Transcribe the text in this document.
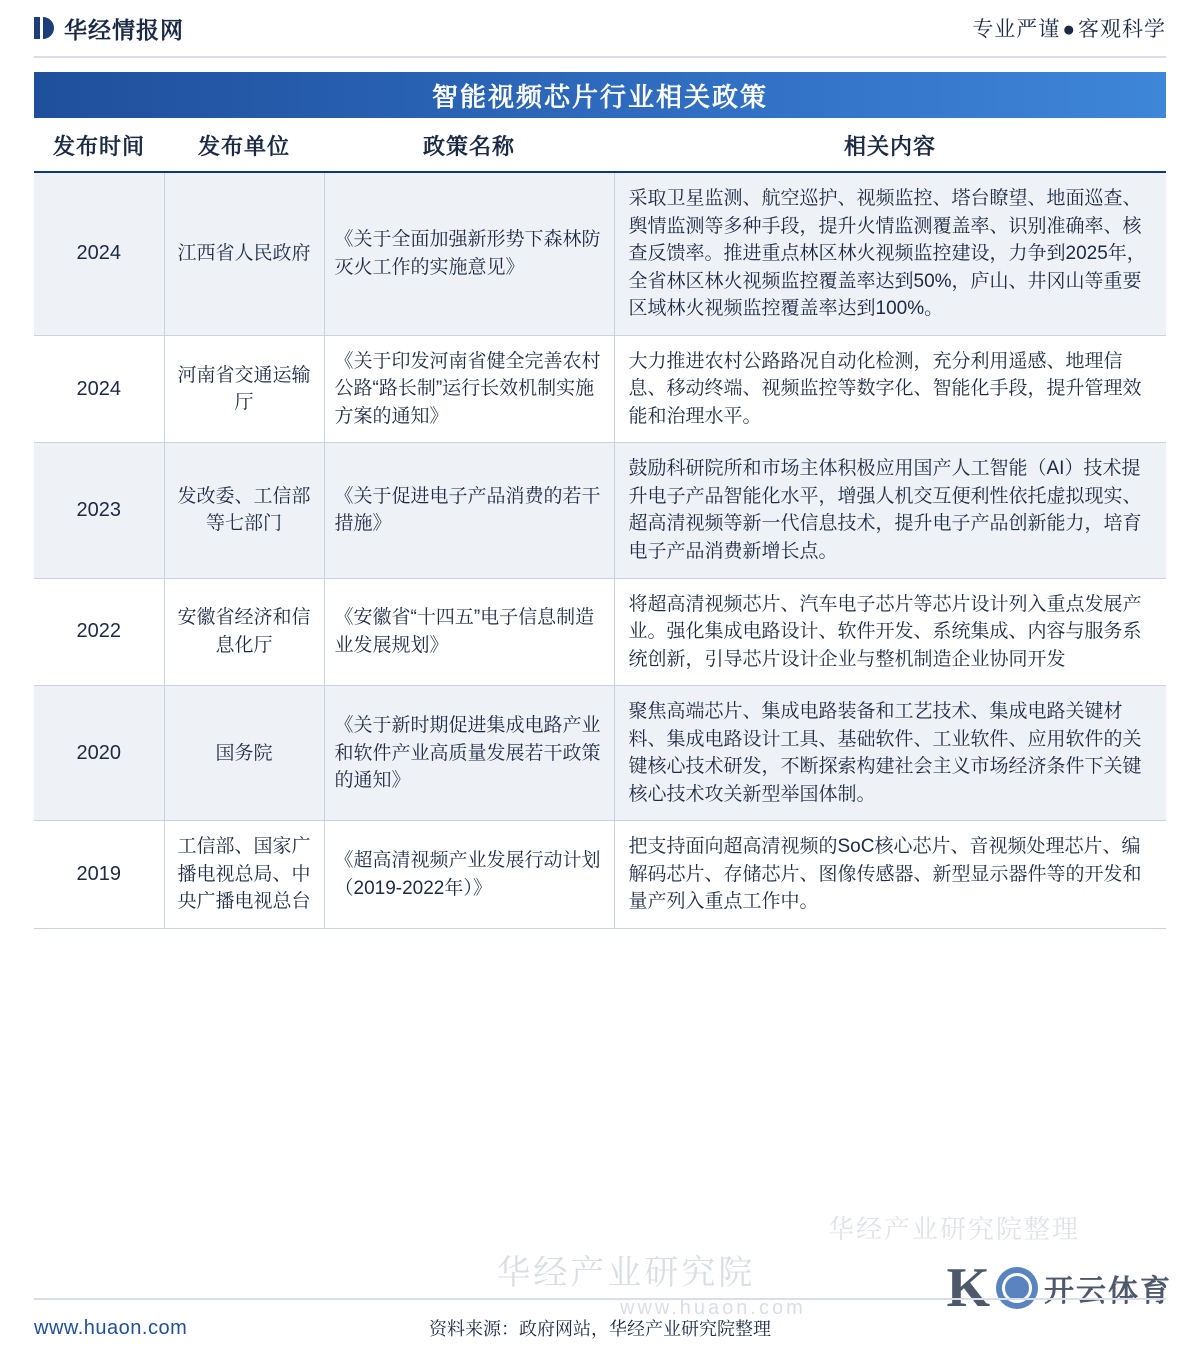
华经情报网	专业严谨●客观科学
智能视频芯片行业相关政策
发布时间	发布单位	政策名称	相关内容
2024	江西省人民政府	《关于全面加强新形势下森林防灭火工作的实施意见》	采取卫星监测、航空巡护、视频监控、塔台瞭望、地面巡查、舆情监测等多种手段，提升火情监测覆盖率、识别准确率、核查反馈率。推进重点林区林火视频监控建设，力争到2025年，全省林区林火视频监控覆盖率达到50%，庐山、井冈山等重要区域林火视频监控覆盖率达到100%。
2024	河南省交通运输厅	《关于印发河南省健全完善农村公路“路长制”运行长效机制实施方案的通知》	大力推进农村公路路况自动化检测，充分利用遥感、地理信息、移动终端、视频监控等数字化、智能化手段，提升管理效能和治理水平。
2023	发改委、工信部等七部门	《关于促进电子产品消费的若干措施》	鼓励科研院所和市场主体积极应用国产人工智能（AI）技术提升电子产品智能化水平，增强人机交互便利性依托虚拟现实、超高清视频等新一代信息技术，提升电子产品创新能力，培育电子产品消费新增长点。
2022	安徽省经济和信息化厅	《安徽省“十四五”电子信息制造业发展规划》	将超高清视频芯片、汽车电子芯片等芯片设计列入重点发展产业。强化集成电路设计、软件开发、系统集成、内容与服务系统创新，引导芯片设计企业与整机制造企业协同开发
2020	国务院	《关于新时期促进集成电路产业和软件产业高质量发展若干政策的通知》	聚焦高端芯片、集成电路装备和工艺技术、集成电路关键材料、集成电路设计工具、基础软件、工业软件、应用软件的关键核心技术研发，不断探索构建社会主义市场经济条件下关键核心技术攻关新型举国体制。
2019	工信部、国家广播电视总局、中央广播电视总台	《超高清视频产业发展行动计划（2019-2022年）》	把支持面向超高清视频的SoC核心芯片、音视频处理芯片、编解码芯片、存储芯片、图像传感器、新型显示器件等的开发和量产列入重点工作中。
华经产业研究院整理
华经产业研究院
www.huaon.com	K 开云体育
www.huaon.com	资料来源：政府网站，华经产业研究院整理
